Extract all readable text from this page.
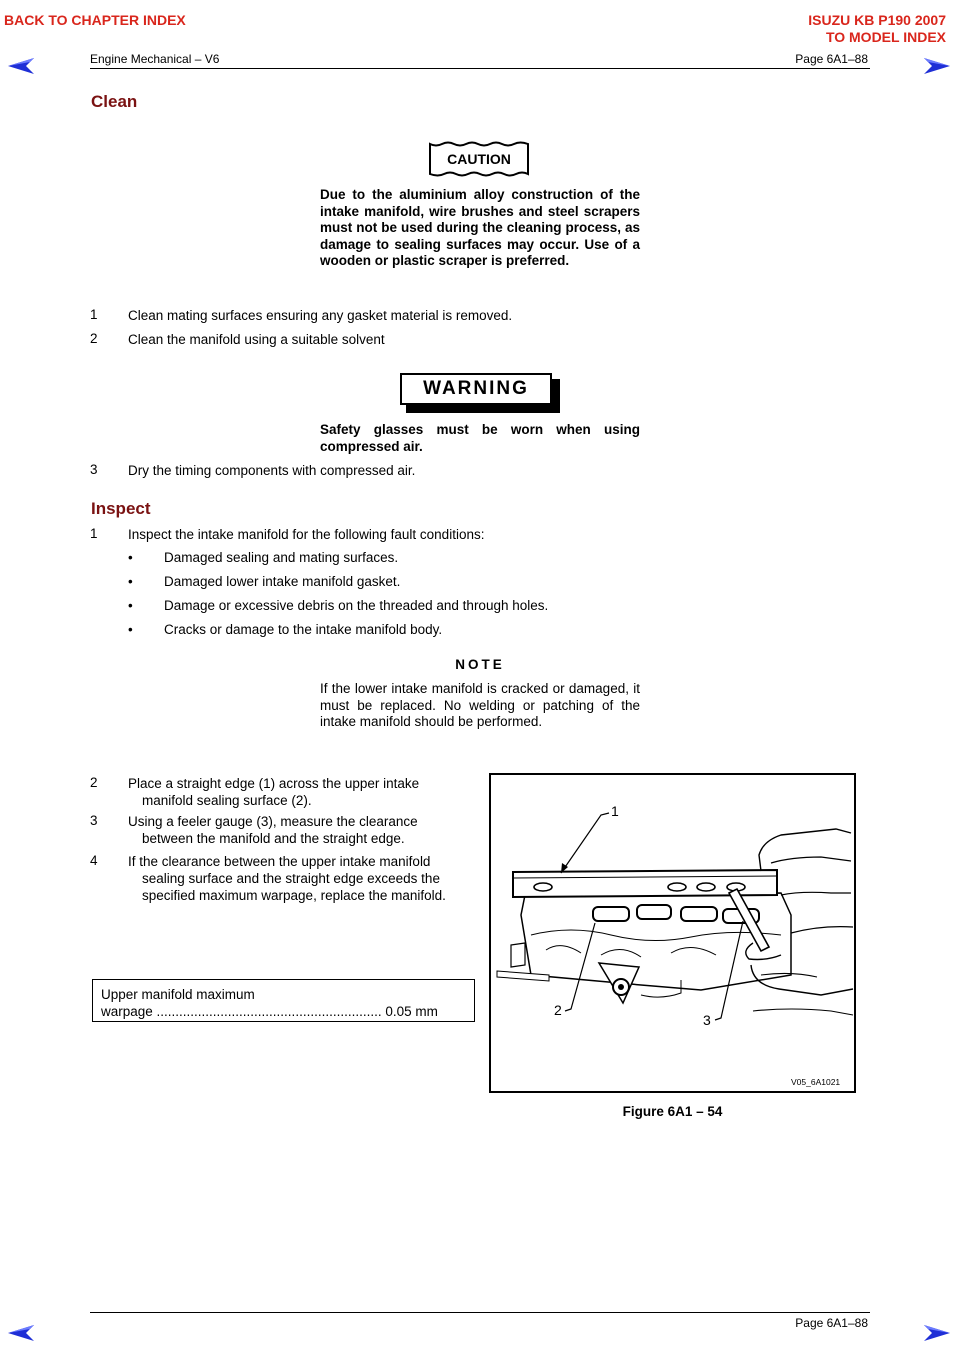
BACK TO CHAPTER INDEX	ISUZU KB P190 2007
TO MODEL INDEX
Engine Mechanical – V6	Page 6A1–88
Clean
CAUTION
Due to the aluminium alloy construction of the intake manifold, wire brushes and steel scrapers must not be used during the cleaning process, as damage to sealing surfaces may occur. Use of a wooden or plastic scraper is preferred.
1 Clean mating surfaces ensuring any gasket material is removed.
2 Clean the manifold using a suitable solvent
WARNING
Safety glasses must be worn when using compressed air.
3 Dry the timing components with compressed air.
Inspect
1 Inspect the intake manifold for the following fault conditions:
• Damaged sealing and mating surfaces.
• Damaged lower intake manifold gasket.
• Damage or excessive debris on the threaded and through holes.
• Cracks or damage to the intake manifold body.
NOTE
If the lower intake manifold is cracked or damaged, it must be replaced. No welding or patching of the intake manifold should be performed.
2 Place a straight edge (1) across the upper intake
manifold sealing surface (2).
3 Using a feeler gauge (3), measure the clearance
between the manifold and the straight edge.
4 If the clearance between the upper intake manifold
sealing surface and the straight edge exceeds the
specified maximum warpage, replace the manifold.
Upper manifold maximum
warpage ............................................................ 0.05 mm
1
2
3
V05_6A1021
Figure 6A1 – 54
Page 6A1–88
